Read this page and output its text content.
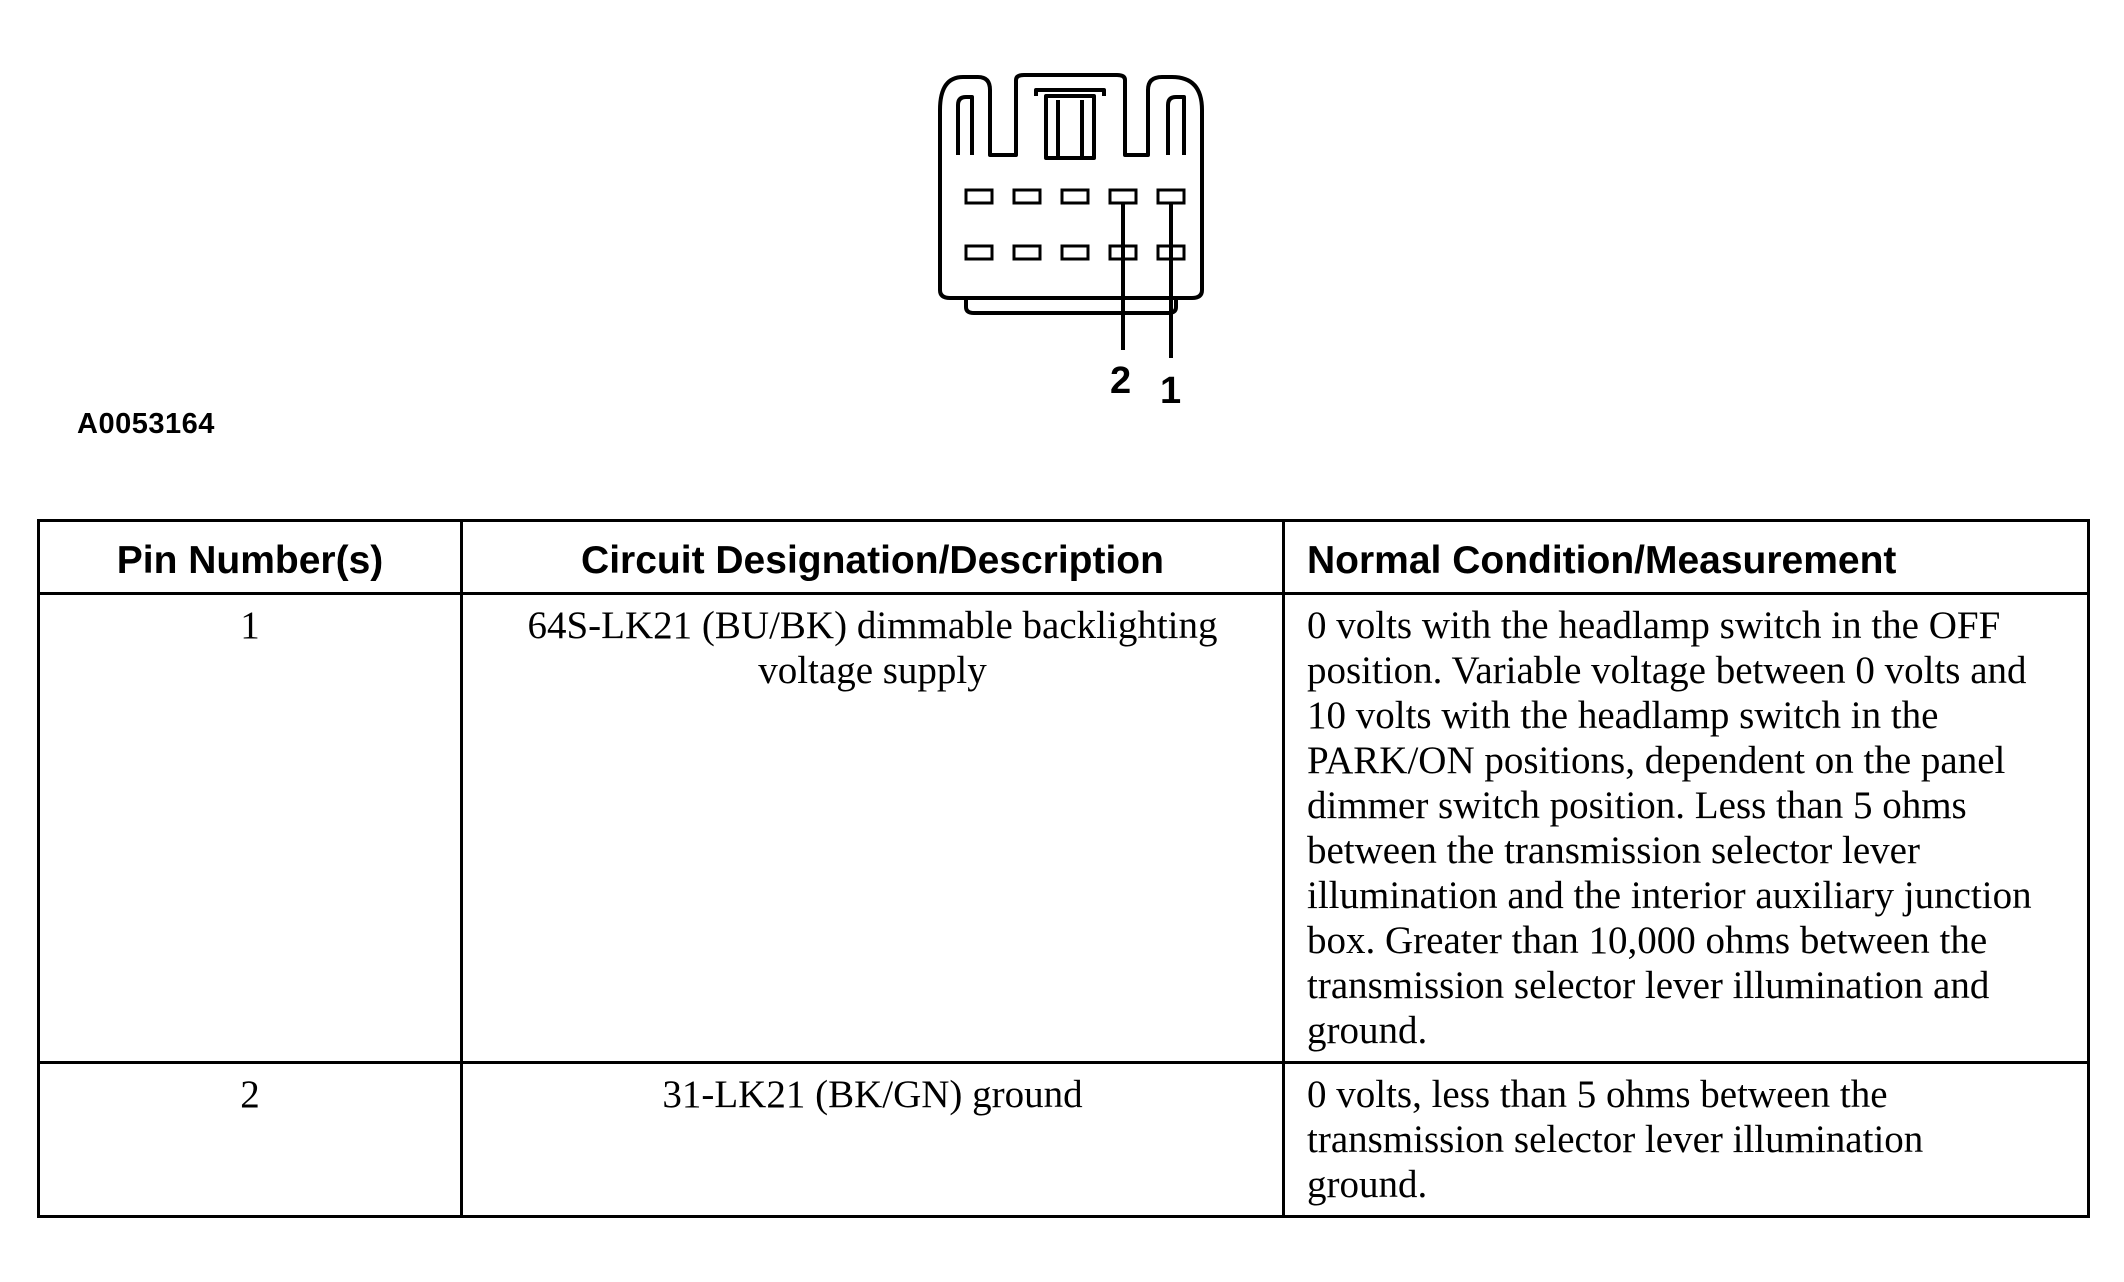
2 1
A0053164
Pin Number(s)	Circuit Designation/Description	Normal Condition/Measurement
1	64S-LK21 (BU/BK) dimmable backlighting voltage supply	0 volts with the headlamp switch in the OFF position. Variable voltage between 0 volts and 10 volts with the headlamp switch in the PARK/ON positions, dependent on the panel dimmer switch position. Less than 5 ohms between the transmission selector lever illumination and the interior auxiliary junction box. Greater than 10,000 ohms between the transmission selector lever illumination and ground.
2	31-LK21 (BK/GN) ground	0 volts, less than 5 ohms between the transmission selector lever illumination ground.
